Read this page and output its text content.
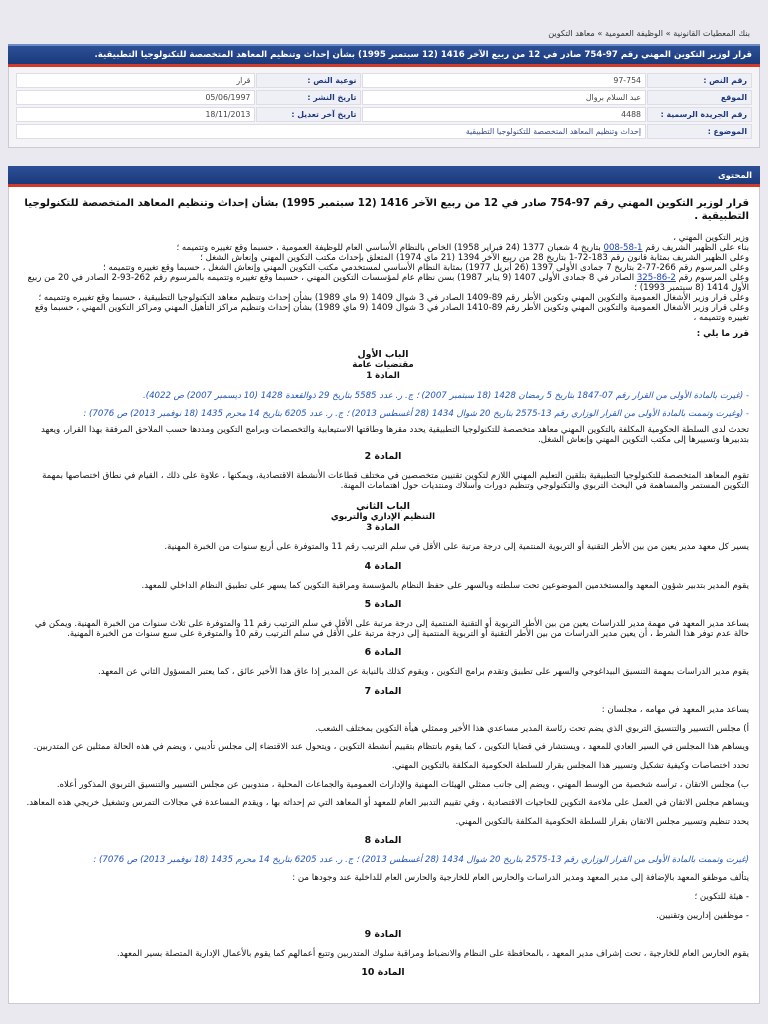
بنك المعطيات القانونية » الوظيفة العمومية » معاهد التكوين
قرار لوزير التكوين المهني رقم 97-754 صادر في 12 من ربيع الآخر 1416 (12 سبتمبر 1995) بشأن إحداث وتنظيم المعاهد المتخصصة للتكنولوجيا التطبيقية.
رقم النص :	97-754	نوعية النص :	قرار
الموقع	عبد السلام بروال	تاريخ النشر :	05/06/1997
رقم الجريدة الرسمية :	4488	تاريخ آخر تعديل :	18/11/2013
الموضوع :	إحداث وتنظيم المعاهد المتخصصة للتكنولوجيا التطبيقية		
المحتوى
قرار لوزير التكوين المهني رقم 97-754 صادر في 12 من ربيع الآخر 1416 (12 سبتمبر 1995) بشأن إحداث وتنظيم المعاهد المتخصصة للتكنولوجيا التطبيقية .

وزير التكوين المهني ،

بناء على الظهير الشريف رقم 1-58-008 بتاريخ 4 شعبان 1377 (24 فبراير 1958) الخاص بالنظام الأساسي العام للوظيفة العمومية ، حسبما وقع تغييره وتتميمه ؛

وعلى الظهير الشريف بمثابة قانون رقم 183-72-1 بتاريخ 28 من ربيع الآخر 1394 (21 ماي 1974) المتعلق بإحداث مكتب التكوين المهني وإنعاش الشغل ؛

وعلى المرسوم رقم 266-77-2 بتاريخ 7 جمادى الأولى 1397 (26 أبريل 1977) بمثابة النظام الأساسي لمستخدمي مكتب التكوين المهني وإنعاش الشغل ، حسبما وقع تغييره وتتميمه ؛

وعلى المرسوم رقم 2-86-325 الصادر في 8 جمادى الأولى 1407 (9 يناير 1987) بسن نظام عام لمؤسسات التكوين المهني ، حسبما وقع تغييره وتتميمه بالمرسوم رقم 262-93-2 الصادر في 20 من ربيع الأول 1414 (8 سبتمبر 1993) ؛

وعلى قرار وزير الأشغال العمومية والتكوين المهني وتكوين الأطر رقم 89-1409 الصادر في 3 شوال 1409 (9 ماي 1989) بشأن إحداث وتنظيم معاهد التكنولوجيا التطبيقية ، حسبما وقع تغييره وتتميمه ؛

وعلى قرار وزير الأشغال العمومية والتكوين المهني وتكوين الأطر رقم 89-1410 الصادر في 3 شوال 1409 (9 ماي 1989) بشأن إحداث وتنظيم مراكز التأهيل المهني ومراكز التكوين المهني ، حسبما وقع تغييره وتتميمه ،

قرر ما يلي :

الباب الأول
مقتضيات عامة
المادة 1

- (غيرت بالمادة الأولى من القرار رقم 07-1847 بتاريخ 5 رمضان 1428 (18 سبتمبر 2007) ؛ ج. ر. عدد 5585 بتاريخ 29 ذوالقعدة 1428 (10 ديسمبر 2007) ص 4022).

- (وغيرت وتممت بالمادة الأولى من القرار الوزاري رقم 13-2575 بتاريخ 20 شوال 1434 (28 أغسطس 2013) ؛ ج. ر. عدد 6205 بتاريخ 14 محرم 1435 (18 نوفمبر 2013) ص 7076) :

تحدث لدى السلطة الحكومية المكلفة بالتكوين المهني معاهد متخصصة للتكنولوجيا التطبيقية يحدد مقرها وطاقتها الاستيعابية والتخصصات وبرامج التكوين ومددها حسب الملاحق المرفقة بهذا القرار، ويعهد بتدبيرها وتسييرها إلى مكتب التكوين المهني وإنعاش الشغل.

المادة 2

تقوم المعاهد المتخصصة للتكنولوجيا التطبيقية بتلقين التعليم المهني اللازم لتكوين تقنيين متخصصين في مختلف قطاعات الأنشطة الاقتصادية، ويمكنها ، علاوة على ذلك ، القيام في نطاق اختصاصها بمهمة التكوين المستمر والمساهمة في البحث التربوي والتكنولوجي وتنظيم دورات وأسلاك ومنتديات حول اهتمامات المهنة.

الباب الثاني
التنظيم الإداري والتربوي
المادة 3

يسير كل معهد مدير يعين من بين الأطر التقنية أو التربوية المنتمية إلى درجة مرتبة على الأقل في سلم الترتيب رقم 11 والمتوفرة على أربع سنوات من الخبرة المهنية.

المادة 4

يقوم المدير بتدبير شؤون المعهد والمستخدمين الموضوعين تحت سلطته وبالسهر على حفظ النظام بالمؤسسة ومراقبة التكوين كما يسهر على تطبيق النظام الداخلي للمعهد.

المادة 5

يساعد مدير المعهد في مهمة مدير للدراسات يعين من بين الأطر التربوية أو التقنية المنتمية إلى درجة مرتبة على الأقل في سلم الترتيب رقم 11 والمتوفرة على ثلاث سنوات من الخبرة المهنية. ويمكن في حالة عدم توفر هذا الشرط ، أن يعين مدير الدراسات من بين الأطر التقنية أو التربوية المنتمية إلى درجة مرتبة على الأقل في سلم الترتيب رقم 10 والمتوفرة على سبع سنوات من الخبرة المهنية.

المادة 6

يقوم مدير الدراسات بمهمة التنسيق البيداغوجي والسهر على تطبيق وتقدم برامج التكوين ، ويقوم كذلك بالنيابة عن المدير إذا عاق هذا الأخير عائق ، كما يعتبر المسؤول الثاني عن المعهد.

المادة 7

يساعد مدير المعهد في مهامه ، مجلسان :

أ) مجلس التسيير والتنسيق التربوي الذي يضم تحت رئاسة المدير مساعدي هذا الأخير وممثلي هيأة التكوين بمختلف الشعب.

ويساهم هذا المجلس في السير العادي للمعهد ، ويستشار في قضايا التكوين ، كما يقوم بانتظام بتقييم أنشطة التكوين ، ويتحول عند الاقتضاء إلى مجلس تأديبي ، ويضم في هذه الحالة ممثلين عن المتدربين.

تحدد اختصاصات وكيفية تشكيل وتسيير هذا المجلس بقرار للسلطة الحكومية المكلفة بالتكوين المهني.

ب) مجلس الاتقان ، ترأسه شخصية من الوسط المهني ، ويضم إلى جانب ممثلي الهيئات المهنية والإدارات العمومية والجماعات المحلية ، مندوبين عن مجلس التسيير والتنسيق التربوي المذكور أعلاه.

ويساهم مجلس الاتقان في العمل على ملاءمة التكوين للحاجيات الاقتصادية ، وفي تقييم التدبير العام للمعهد أو المعاهد التي تم إحداثه بها ، ويقدم المساعدة في مجالات التمرس وتشغيل خريجي هذه المعاهد.

يحدد تنظيم وتسيير مجلس الاتقان بقرار للسلطة الحكومية المكلفة بالتكوين المهني.

المادة 8

(غيرت وتممت بالمادة الأولى من القرار الوزاري رقم 13-2575 بتاريخ 20 شوال 1434 (28 أغسطس 2013) ؛ ج. ر. عدد 6205 بتاريخ 14 محرم 1435 (18 نوفمبر 2013) ص 7076) :

يتألف موظفو المعهد بالإضافة إلى مدير المعهد ومدير الدراسات والحارس العام للخارجية والحارس العام للداخلية عند وجودها من :

- هيئة للتكوين ؛

- موظفين إداريين وتقنيين.

المادة 9

يقوم الحارس العام للخارجية ، تحت إشراف مدير المعهد ، بالمحافظة على النظام والانضباط ومراقبة سلوك المتدربين وتتبع أعمالهم كما يقوم بالأعمال الإدارية المتصلة بسير المعهد.

المادة 10
